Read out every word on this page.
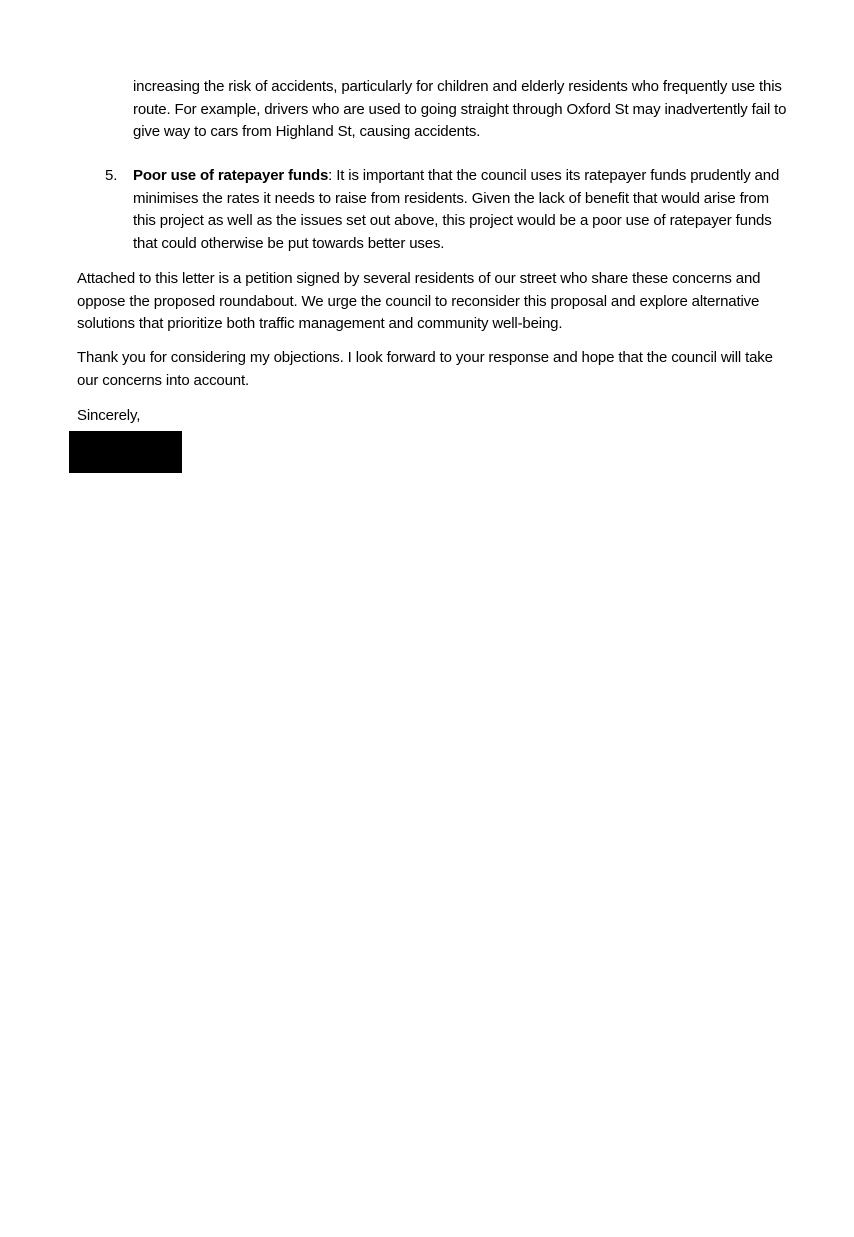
increasing the risk of accidents, particularly for children and elderly residents who frequently use this route. For example, drivers who are used to going straight through Oxford St may inadvertently fail to give way to cars from Highland St, causing accidents.

5.	Poor use of ratepayer funds: It is important that the council uses its ratepayer funds prudently and minimises the rates it needs to raise from residents. Given the lack of benefit that would arise from this project as well as the issues set out above, this project would be a poor use of ratepayer funds that could otherwise be put towards better uses.

Attached to this letter is a petition signed by several residents of our street who share these concerns and oppose the proposed roundabout. We urge the council to reconsider this proposal and explore alternative solutions that prioritize both traffic management and community well-being.

Thank you for considering my objections. I look forward to your response and hope that the council will take our concerns into account.

Sincerely,
